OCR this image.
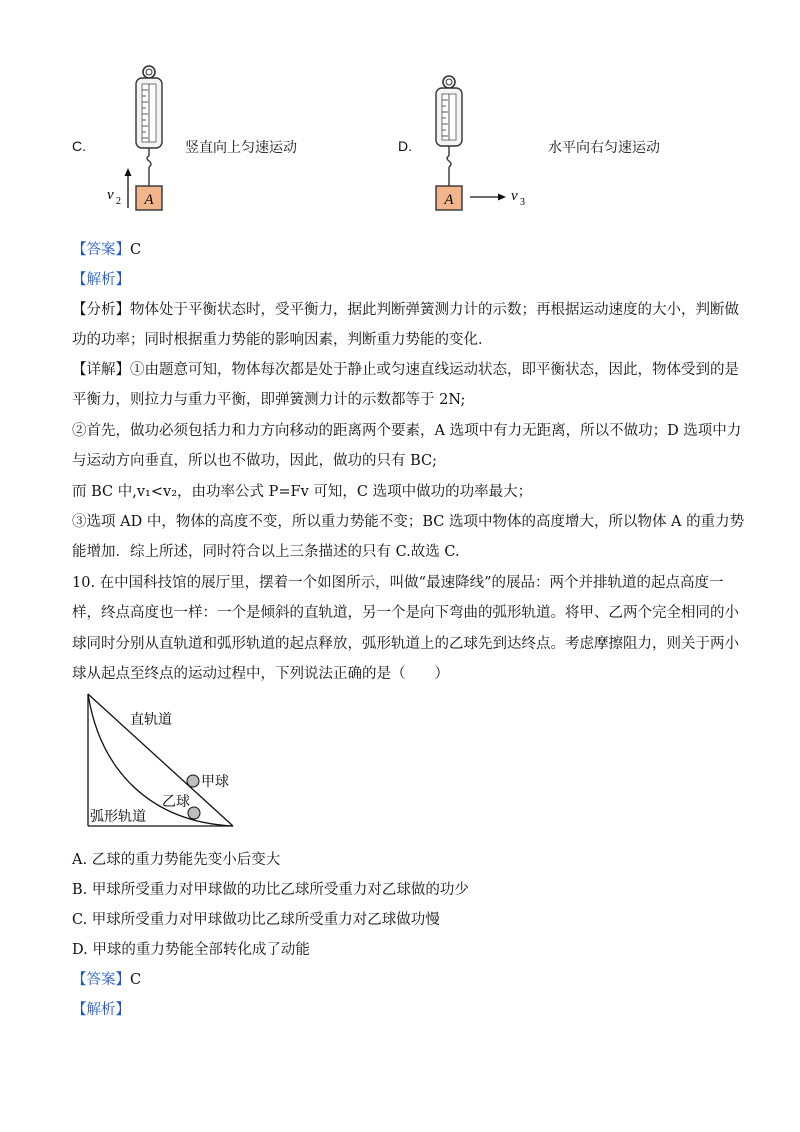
C.	竖直向上匀速运动
A
v 2
D.	水平向右匀速运动
A	v 3
【答案】C
【解析】
【分析】物体处于平衡状态时，受平衡力，据此判断弹簧测力计的示数；再根据运动速度的大小，判断做
功的功率；同时根据重力势能的影响因素，判断重力势能的变化．
【详解】①由题意可知，物体每次都是处于静止或匀速直线运动状态，即平衡状态，因此，物体受到的是
平衡力，则拉力与重力平衡，即弹簧测力计的示数都等于 2N;
②首先，做功必须包括力和力方向移动的距离两个要素，A 选项中有力无距离，所以不做功；D 选项中力
与运动方向垂直，所以也不做功，因此，做功的只有 BC;
而 BC 中,v₁<v₂，由功率公式 P=Fv 可知，C 选项中做功的功率最大；
③选项 AD 中，物体的高度不变，所以重力势能不变；BC 选项中物体的高度增大，所以物体 A 的重力势
能增加．综上所述，同时符合以上三条描述的只有 C.故选 C.
10. 在中国科技馆的展厅里，摆着一个如图所示，叫做“最速降线”的展品：两个并排轨道的起点高度一
样，终点高度也一样：一个是倾斜的直轨道，另一个是向下弯曲的弧形轨道。将甲、乙两个完全相同的小
球同时分别从直轨道和弧形轨道的起点释放，弧形轨道上的乙球先到达终点。考虑摩擦阻力，则关于两小
球从起点至终点的运动过程中，下列说法正确的是（　　）
直轨道
甲球
乙球
弧形轨道
A. 乙球的重力势能先变小后变大
B. 甲球所受重力对甲球做的功比乙球所受重力对乙球做的功少
C. 甲球所受重力对甲球做功比乙球所受重力对乙球做功慢
D. 甲球的重力势能全部转化成了动能
【答案】C
【解析】
